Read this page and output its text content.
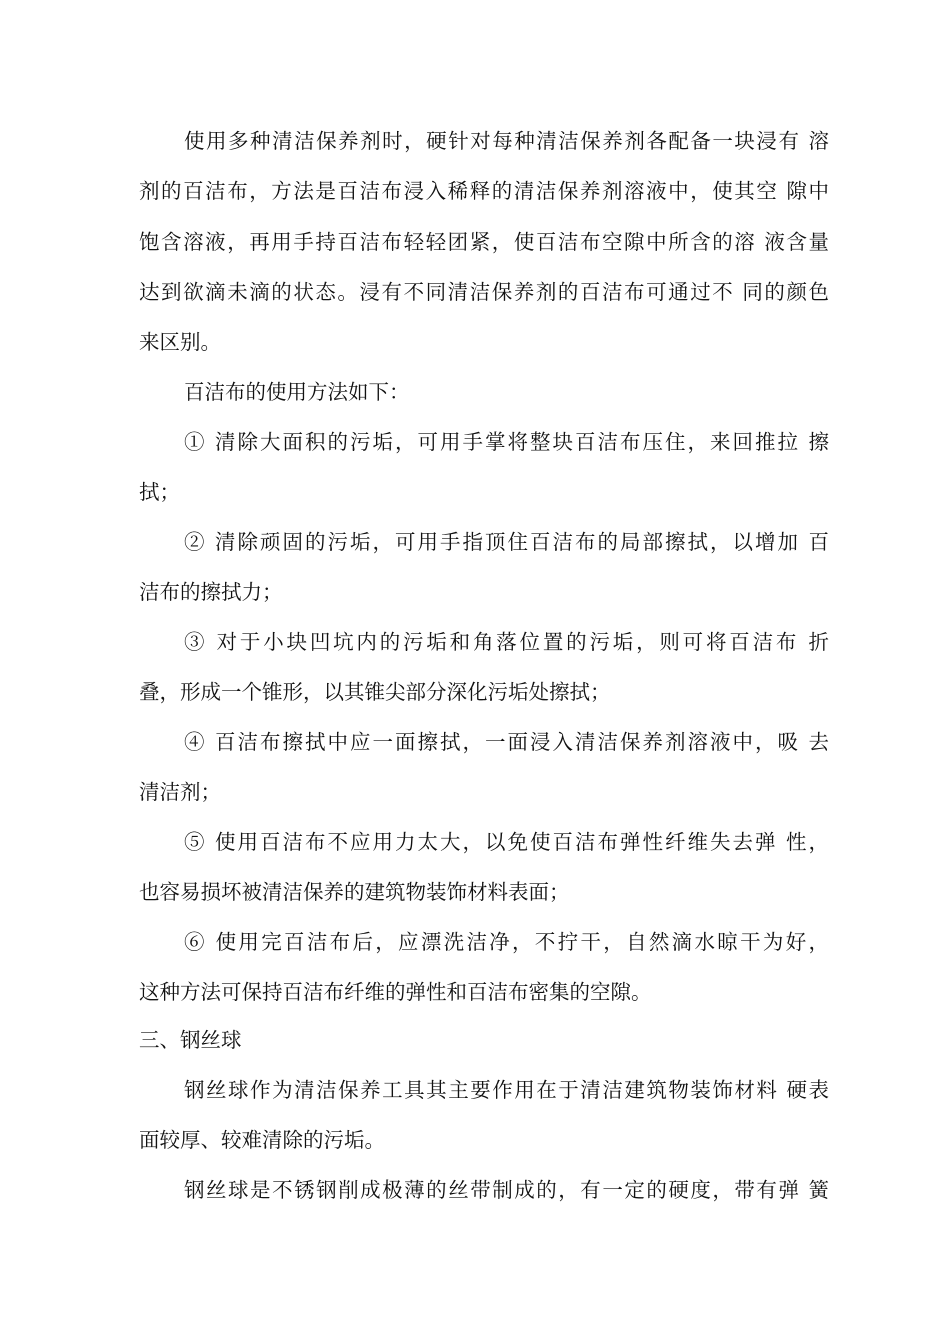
使用多种清洁保养剂时，硬针对每种清洁保养剂各配备一块浸有 溶
剂的百洁布，方法是百洁布浸入稀释的清洁保养剂溶液中，使其空 隙中
饱含溶液，再用手持百洁布轻轻团紧，使百洁布空隙中所含的溶 液含量
达到欲滴未滴的状态。浸有不同清洁保养剂的百洁布可通过不 同的颜色
来区别。
百洁布的使用方法如下：
① 清除大面积的污垢，可用手掌将整块百洁布压住，来回推拉 擦
拭；
② 清除顽固的污垢，可用手指顶住百洁布的局部擦拭，以增加 百
洁布的擦拭力；
③ 对于小块凹坑内的污垢和角落位置的污垢，则可将百洁布 折
叠，形成一个锥形，以其锥尖部分深化污垢处擦拭；
④ 百洁布擦拭中应一面擦拭，一面浸入清洁保养剂溶液中，吸 去
清洁剂；
⑤ 使用百洁布不应用力太大，以免使百洁布弹性纤维失去弹 性，
也容易损坏被清洁保养的建筑物装饰材料表面；
⑥ 使用完百洁布后，应漂洗洁净，不拧干，自然滴水晾干为好，
这种方法可保持百洁布纤维的弹性和百洁布密集的空隙。
三、钢丝球
钢丝球作为清洁保养工具其主要作用在于清洁建筑物装饰材料 硬表
面较厚、较难清除的污垢。
钢丝球是不锈钢削成极薄的丝带制成的，有一定的硬度，带有弹 簧
